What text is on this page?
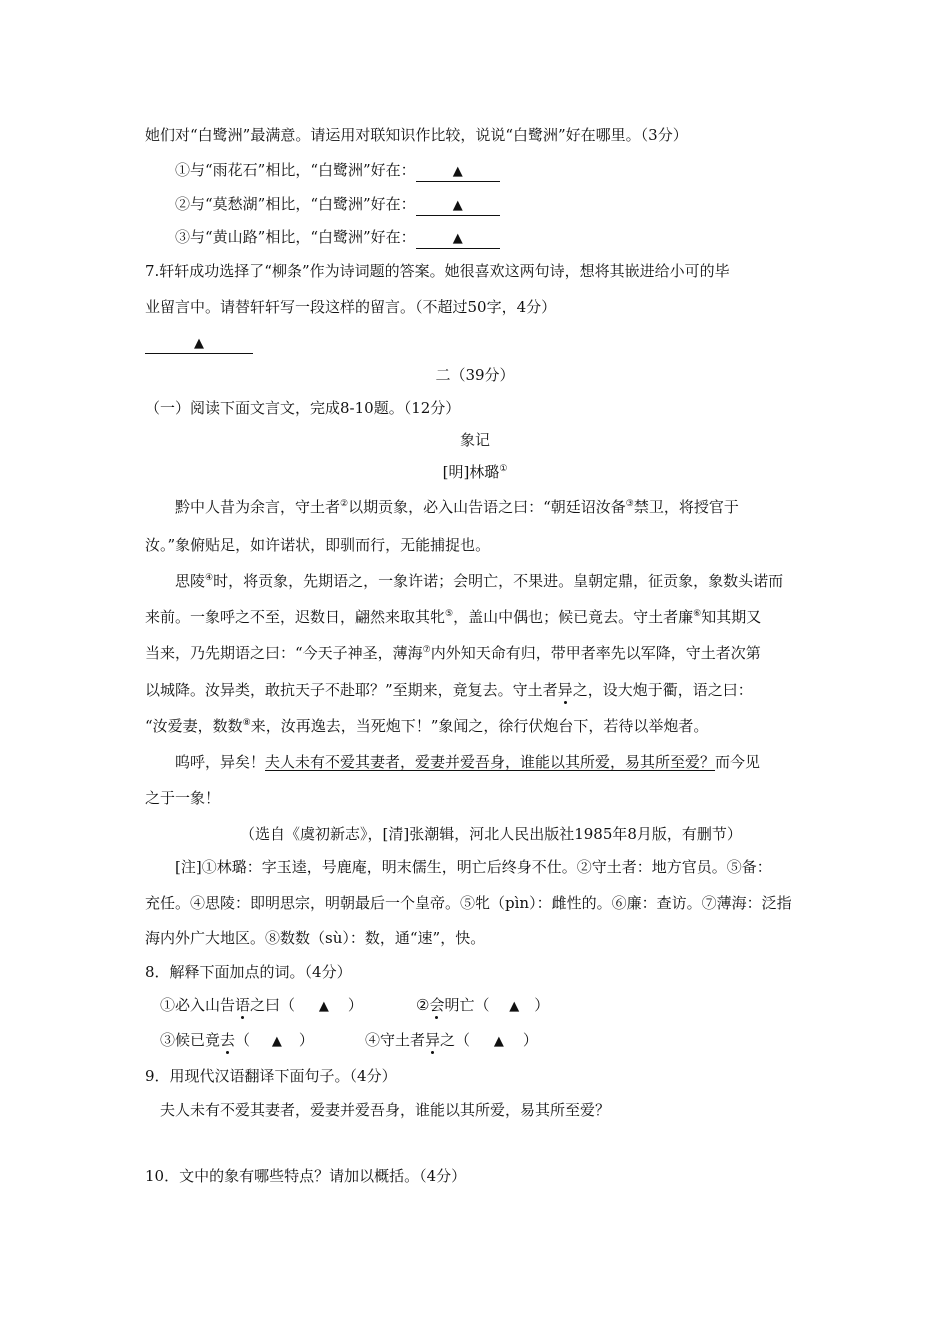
她们对“白鹭洲”最满意。请运用对联知识作比较，说说“白鹭洲”好在哪里。（3分）
①与“雨花石”相比，“白鹭洲”好在：	▲
②与“莫愁湖”相比，“白鹭洲”好在：	▲
③与“黄山路”相比，“白鹭洲”好在：	▲
7.轩轩成功选择了“柳条”作为诗词题的答案。她很喜欢这两句诗，想将其嵌进给小可的毕
业留言中。请替轩轩写一段这样的留言。（不超过50字，4分）
▲
二（39分）
（一）阅读下面文言文，完成8-10题。（12分）
象记
[明]林璐①
黔中人昔为余言，守土者②以期贡象，必入山告语之曰：“朝廷诏汝备③禁卫，将授官于
汝。”象俯贴足，如许诺状，即驯而行，无能捕捉也。
思陵④时，将贡象，先期语之，一象许诺；会明亡，不果进。皇朝定鼎，征贡象，象数头诺而
来前。一象呼之不至，迟数日，翩然来取其牝⑤，盖山中偶也；候已竟去。守土者廉⑥知其期又
当来，乃先期语之曰：“今天子神圣，薄海⑦内外知天命有归，带甲者率先以军降，守土者次第
以城降。汝异类，敢抗天子不赴耶？”至期来，竟复去。守土者异之，设大炮于衢，语之曰：
“汝爱妻，数数⑧来，汝再逸去，当死炮下！”象闻之，徐行伏炮台下，若待以举炮者。
呜呼，异矣！夫人未有不爱其妻者，爱妻并爱吾身，谁能以其所爱，易其所至爱？而今见
之于一象！
（选自《虞初新志》，[清]张潮辑，河北人民出版社1985年8月版，有删节）
[注]①林璐：字玉逵，号鹿庵，明末儒生，明亡后终身不仕。②守土者：地方官员。⑤备：
充任。④思陵：即明思宗，明朝最后一个皇帝。⑤牝（pìn）：雌性的。⑥廉：查访。⑦薄海：泛指
海内外广大地区。⑧数数（sù）：数，通“速”，快。
8．解释下面加点的词。（4分）
①必入山告语之曰（ ▲ ）	②会明亡（ ▲ ）
③候已竟去（ ▲ ）	④守土者异之（ ▲ ）
9．用现代汉语翻译下面句子。（4分）
夫人未有不爱其妻者，爱妻并爱吾身，谁能以其所爱，易其所至爱？
10．文中的象有哪些特点？请加以概括。（4分）
